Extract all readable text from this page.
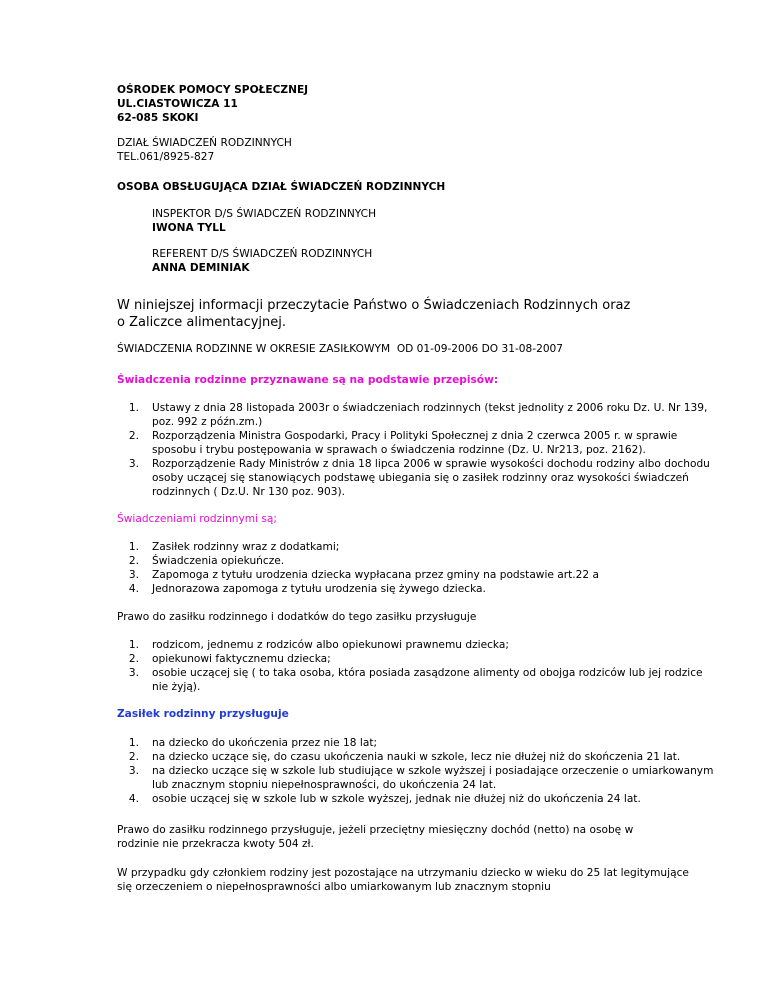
OŚRODEK POMOCY SPOŁECZNEJ
UL.CIASTOWICZA 11
62-085 SKOKI
DZIAŁ ŚWIADCZEŃ RODZINNYCH
TEL.061/8925-827
OSOBA OBSŁUGUJĄCA DZIAŁ ŚWIADCZEŃ RODZINNYCH
INSPEKTOR D/S ŚWIADCZEŃ RODZINNYCH
IWONA TYLL
REFERENT D/S ŚWIADCZEŃ RODZINNYCH
ANNA DEMINIAK
W niniejszej informacji przeczytacie Państwo o Świadczeniach Rodzinnych oraz o Zaliczce alimentacyjnej.
ŚWIADCZENIA RODZINNE W OKRESIE ZASIŁKOWYM  OD 01-09-2006 DO 31-08-2007
Świadczenia rodzinne przyznawane są na podstawie przepisów:
1. Ustawy z dnia 28 listopada 2003r o świadczeniach rodzinnych (tekst jednolity z 2006 roku Dz. U. Nr 139, poz. 992 z późn.zm.)
2. Rozporządzenia Ministra Gospodarki, Pracy i Polityki Społecznej z dnia 2 czerwca 2005 r. w sprawie sposobu i trybu postępowania w sprawach o świadczenia rodzinne (Dz. U. Nr213, poz. 2162).
3. Rozporządzenie Rady Ministrów z dnia 18 lipca 2006 w sprawie wysokości dochodu rodziny albo dochodu osoby uczącej się stanowiących podstawę ubiegania się o zasiłek rodzinny oraz wysokości świadczeń rodzinnych ( Dz.U. Nr 130 poz. 903).
Świadczeniami rodzinnymi są;
1. Zasiłek rodzinny wraz z dodatkami;
2. Świadczenia opiekuńcze.
3. Zapomoga z tytułu urodzenia dziecka wypłacana przez gminy na podstawie art.22 a
4. Jednorazowa zapomoga z tytułu urodzenia się żywego dziecka.
Prawo do zasiłku rodzinnego i dodatków do tego zasiłku przysługuje
1. rodzicom, jednemu z rodziców albo opiekunowi prawnemu dziecka;
2. opiekunowi faktycznemu dziecka;
3. osobie uczącej się ( to taka osoba, która posiada zasądzone alimenty od obojga rodziców lub jej rodzice nie żyją).
Zasiłek rodzinny przysługuje
1. na dziecko do ukończenia przez nie 18 lat;
2. na dziecko uczące się, do czasu ukończenia nauki w szkole, lecz nie dłużej niż do skończenia 21 lat.
3. na dziecko uczące się w szkole lub studiujące w szkole wyższej i posiadające orzeczenie o umiarkowanym lub znacznym stopniu niepełnosprawności, do ukończenia 24 lat.
4. osobie uczącej się w szkole lub w szkole wyższej, jednak nie dłużej niż do ukończenia 24 lat.
Prawo do zasiłku rodzinnego przysługuje, jeżeli przeciętny miesięczny dochód (netto) na osobę w rodzinie nie przekracza kwoty 504 zł.
W przypadku gdy członkiem rodziny jest pozostające na utrzymaniu dziecko w wieku do 25 lat legitymujące się orzeczeniem o niepełnosprawności albo umiarkowanym lub znacznym stopniu
